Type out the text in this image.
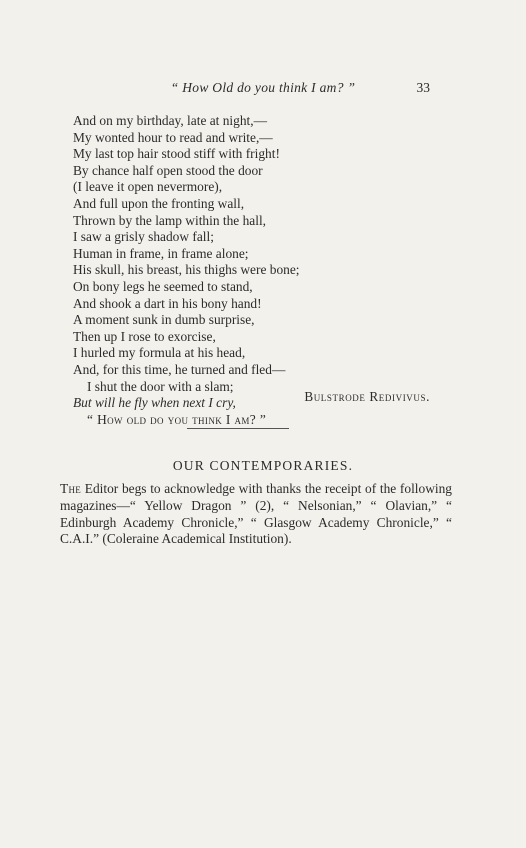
“ How Old do you think I am? ”	33
And on my birthday, late at night,—
My wonted hour to read and write,—
My last top hair stood stiff with fright!
By chance half open stood the door
(I leave it open nevermore),
And full upon the fronting wall,
Thrown by the lamp within the hall,
I saw a grisly shadow fall;
Human in frame, in frame alone;
His skull, his breast, his thighs were bone;
On bony legs he seemed to stand,
And shook a dart in his bony hand!
A moment sunk in dumb surprise,
Then up I rose to exorcise,
I hurled my formula at his head,
And, for this time, he turned and fled—
I shut the door with a slam;
But will he fly when next I cry,
“ How old do you think I am? ”
Bulstrode Redivivus.
OUR CONTEMPORARIES.
The Editor begs to acknowledge with thanks the receipt of the following magazines—“ Yellow Dragon ” (2), “ Nelsonian,” “ Olavian,” “ Edinburgh Academy Chronicle,” “ Glasgow Academy Chronicle,” “ C.A.I.” (Coleraine Academical Institution).
